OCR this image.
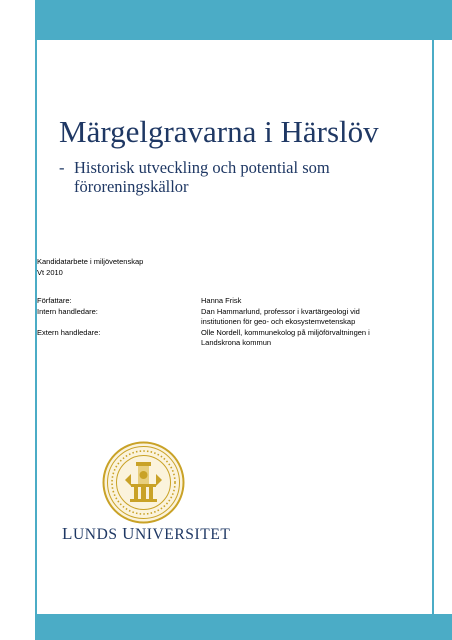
Märgelgravarna i Härslöv
- Historisk utveckling och potential som föroreningskällor
Kandidatarbete i miljövetenskap
Vt 2010
Författare:	Hanna Frisk
Intern handledare:	Dan Hammarlund, professor i kvartärgeologi vid institutionen för geo- och ekosystemvetenskap
Extern handledare:	Olle Nordell, kommunekolog på miljöförvaltningen i Landskrona kommun
LUNDS UNIVERSITET
